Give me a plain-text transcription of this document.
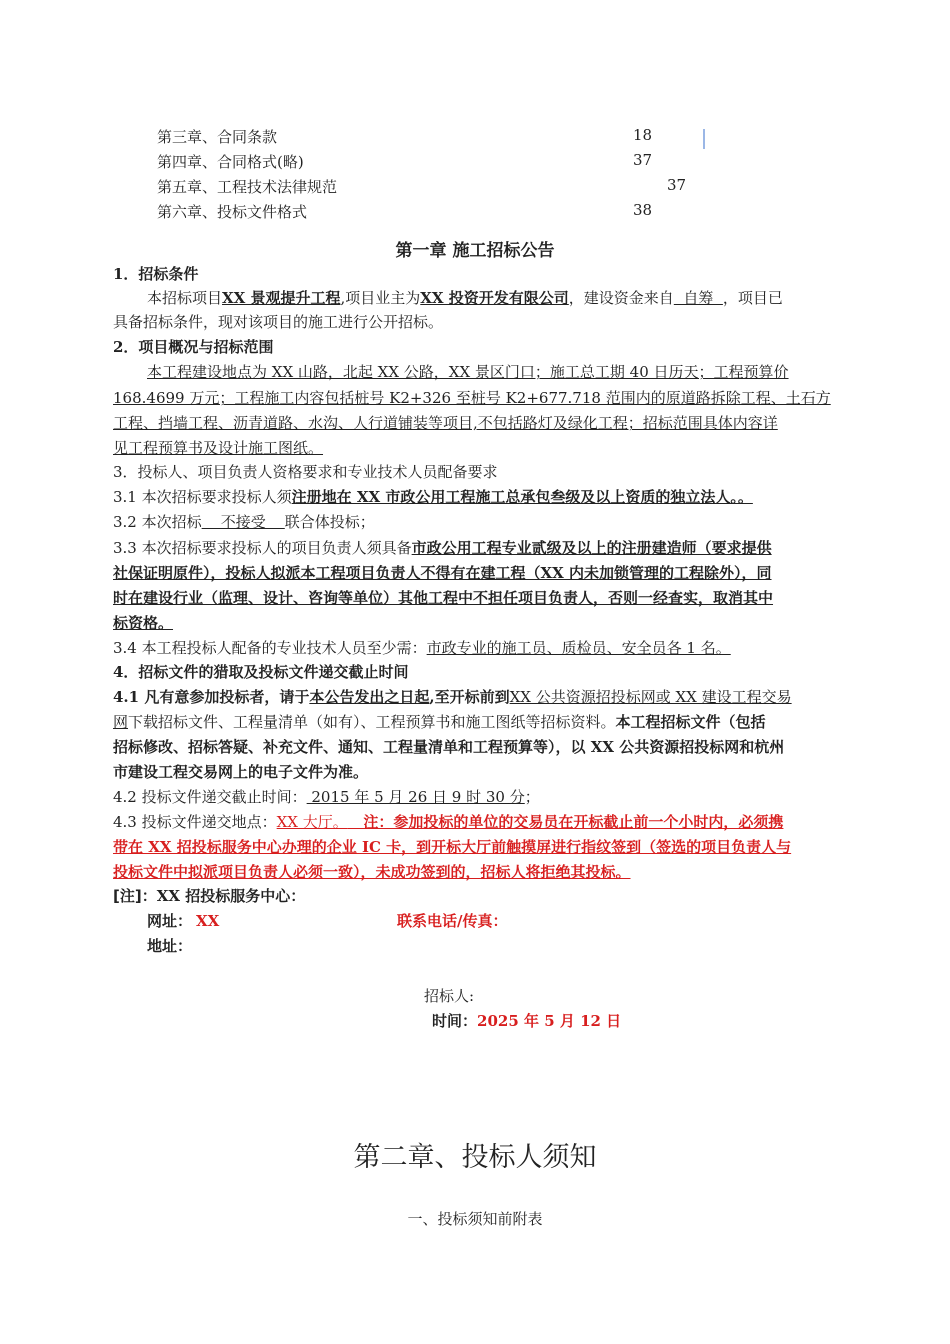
第三章、合同条款	18
第四章、合同格式(略)	37
第五章、工程技术法律规范	37
第六章、投标文件格式	38
第一章 施工招标公告
1．招标条件
本招标项目XX 景观提升工程,项目业主为XX 投资开发有限公司，建设资金来自  自筹  ，项目已
具备招标条件，现对该项目的施工进行公开招标。
2．项目概况与招标范围
本工程建设地点为 XX 山路，北起 XX 公路，XX 景区门口；施工总工期 40 日历天；工程预算价
168.4699 万元；工程施工内容包括桩号 K2+326 至桩号 K2+677.718 范围内的原道路拆除工程、土石方
工程、挡墙工程、沥青道路、水沟、人行道铺装等项目,不包括路灯及绿化工程；招标范围具体内容详
见工程预算书及设计施工图纸。
3．投标人、项目负责人资格要求和专业技术人员配备要求
3.1 本次招标要求投标人须注册地在 XX 市政公用工程施工总承包叁级及以上资质的独立法人。。
3.2 本次招标    不接受    联合体投标；
3.3 本次招标要求投标人的项目负责人须具备市政公用工程专业贰级及以上的注册建造师（要求提供
社保证明原件），投标人拟派本工程项目负责人不得有在建工程（XX 内未加锁管理的工程除外），同
时在建设行业（监理、设计、咨询等单位）其他工程中不担任项目负责人，否则一经查实，取消其中
标资格。
3.4 本工程投标人配备的专业技术人员至少需：市政专业的施工员、质检员、安全员各 1 名。
4．招标文件的猎取及投标文件递交截止时间
4.1 凡有意参加投标者，请于本公告发出之日起,至开标前到XX 公共资源招投标网或 XX 建设工程交易
网下载招标文件、工程量清单（如有）、工程预算书和施工图纸等招标资料。本工程招标文件（包括
招标修改、招标答疑、补充文件、通知、工程量清单和工程预算等），以 XX 公共资源招投标网和杭州
市建设工程交易网上的电子文件为准。
4.2 投标文件递交截止时间： 2015 年 5 月 26 日 9 时 30 分；
4.3 投标文件递交地点：XX 大厅。   注：参加投标的单位的交易员在开标截止前一个小时内，必须携
带在 XX 招投标服务中心办理的企业 IC 卡，到开标大厅前触摸屏进行指纹签到（签选的项目负责人与
投标文件中拟派项目负责人必须一致），未成功签到的，招标人将拒绝其投标。
[注]：XX 招投标服务中心：
网址： XX	联系电话/传真：
地址：
招标人:
时间：2025 年 5 月 12 日
第二章、投标人须知
一、投标须知前附表
